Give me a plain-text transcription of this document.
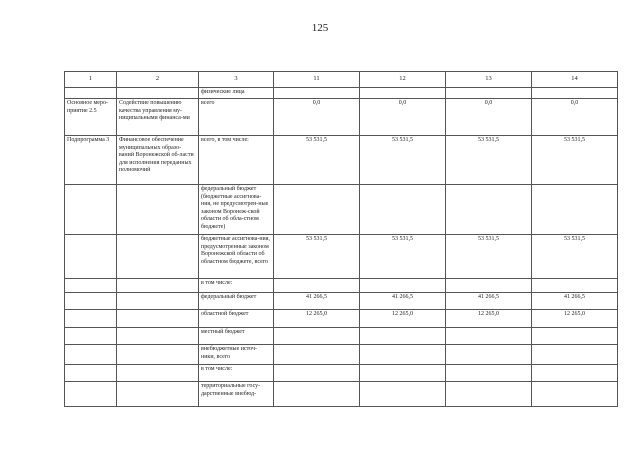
125
1	2	3	11	12	13	14
		физические лица				
Основное меро-приятие 2.5	Содействие повышению качества управления му-ниципальными финанса-ми	всего	0,0	0,0	0,0	0,0
Подпрограмма 3	Финансовое обеспечение муниципальных образо-ваний Воронежской об-ласти для исполнения переданных полномочий	всего, в том числе:	53 531,5	53 531,5	53 531,5	53 531,5
		федеральный бюджет (бюджетные ассигнова-ния, не предусмотрен-ные законом Воронеж-ской области об обла-стном бюджете)				
		бюджетные ассигнова-ния, предусмотренные законом Воронежской области об областном бюджете, всего	53 531,5	53 531,5	53 531,5	53 531,5
		в том числе:				
		федеральный бюджет	41 266,5	41 266,5	41 266,5	41 266,5
		областной бюджет	12 265,0	12 265,0	12 265,0	12 265,0
		местный бюджет				
		внебюджетные источ-ники, всего				
		в том числе:				
		территориальные госу-дарственные внебюд-				
